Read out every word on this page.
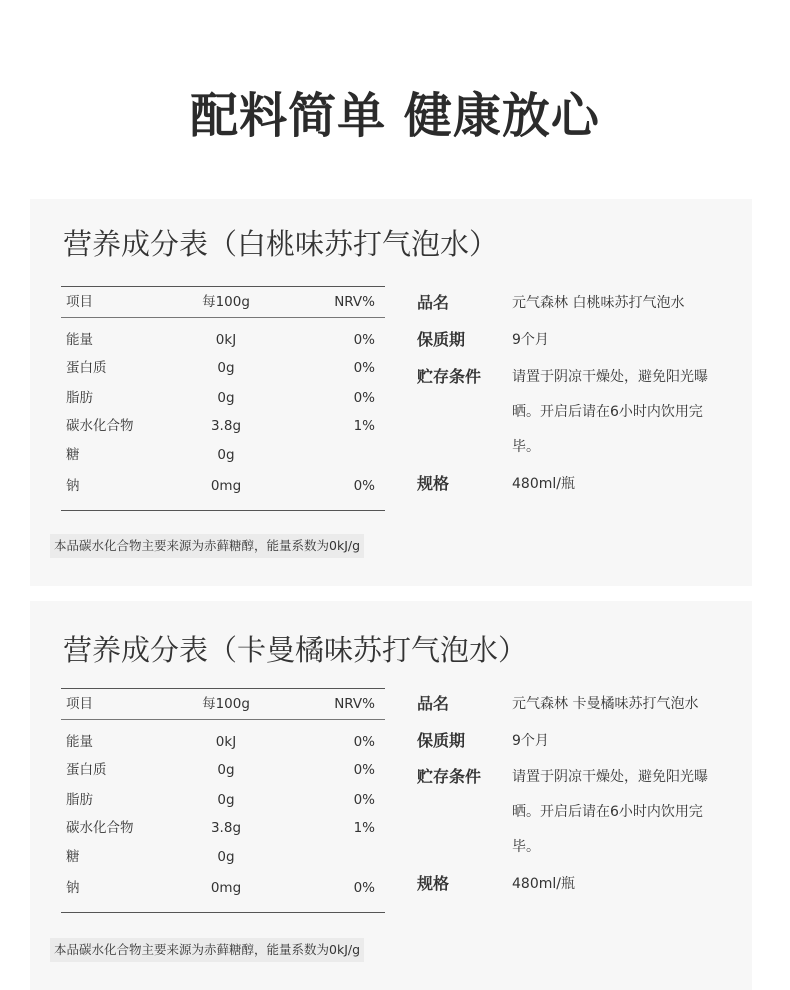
配料简单 健康放心
营养成分表（白桃味苏打气泡水）
项目	每100g	NRV%
能量	0kJ	0%
蛋白质	0g	0%
脂肪	0g	0%
碳水化合物	3.8g	1%
糖	0g
钠	0mg	0%
本品碳水化合物主要来源为赤藓糖醇，能量系数为0kJ/g
品名	元气森林 白桃味苏打气泡水
保质期	9个月
贮存条件 请置于阴凉干燥处，避免阳光曝晒。开启后请在6小时内饮用完毕。
规格	480ml/瓶
营养成分表（卡曼橘味苏打气泡水）
项目	每100g	NRV%
能量	0kJ	0%
蛋白质	0g	0%
脂肪	0g	0%
碳水化合物	3.8g	1%
糖	0g
钠	0mg	0%
本品碳水化合物主要来源为赤藓糖醇，能量系数为0kJ/g
品名	元气森林 卡曼橘味苏打气泡水
保质期	9个月
贮存条件 请置于阴凉干燥处，避免阳光曝晒。开启后请在6小时内饮用完毕。
规格	480ml/瓶
